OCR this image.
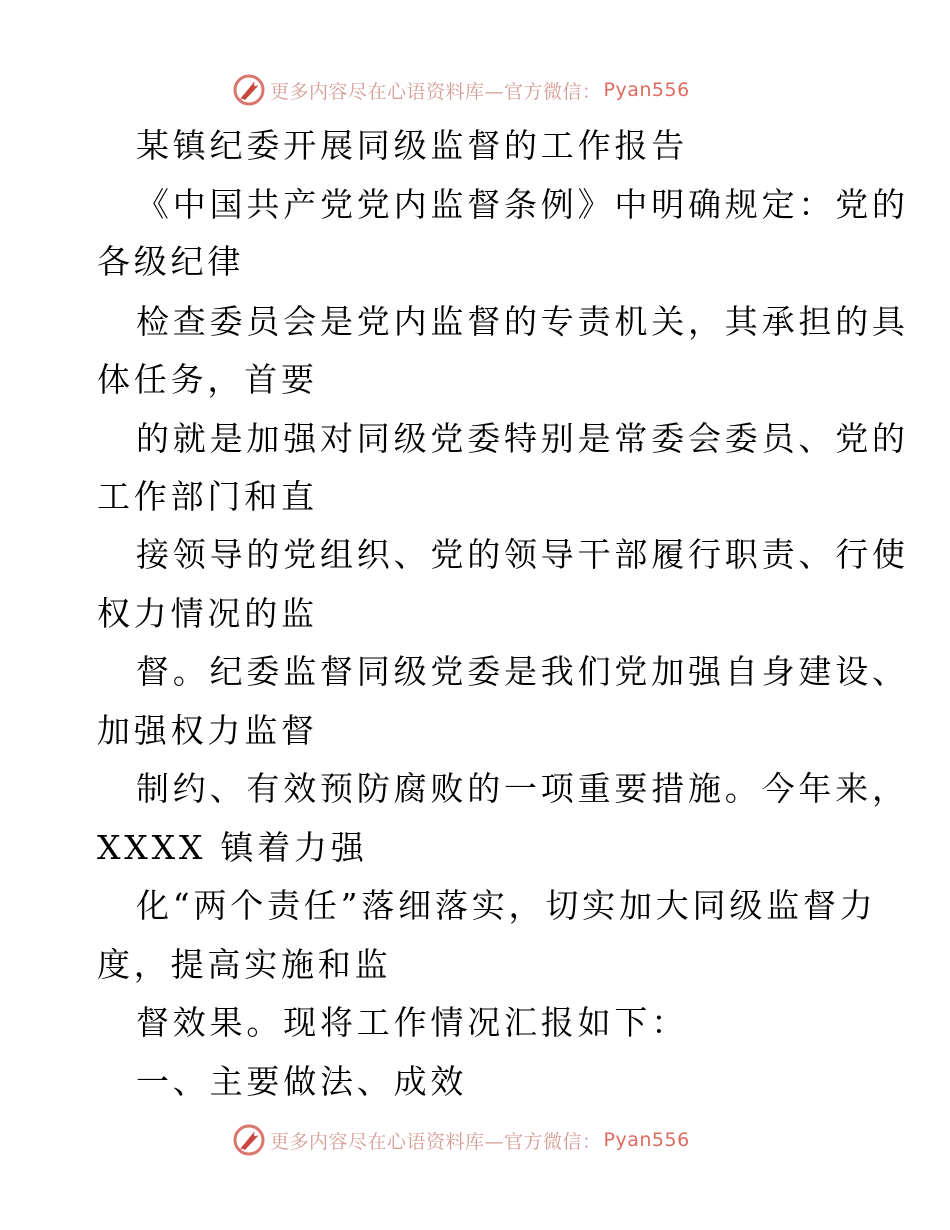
更多内容尽在心语资料库—官方微信： Pyan556
某镇纪委开展同级监督的工作报告
《中国共产党党内监督条例》中明确规定：党的
各级纪律
检查委员会是党内监督的专责机关，其承担的具
体任务，首要
的就是加强对同级党委特别是常委会委员、党的
工作部门和直
接领导的党组织、党的领导干部履行职责、行使
权力情况的监
督。纪委监督同级党委是我们党加强自身建设、
加强权力监督
制约、有效预防腐败的一项重要措施。今年来，
XXXX 镇着力强
化“两个责任”落细落实，切实加大同级监督力
度，提高实施和监
督效果。现将工作情况汇报如下：
一、主要做法、成效
更多内容尽在心语资料库—官方微信： Pyan556
